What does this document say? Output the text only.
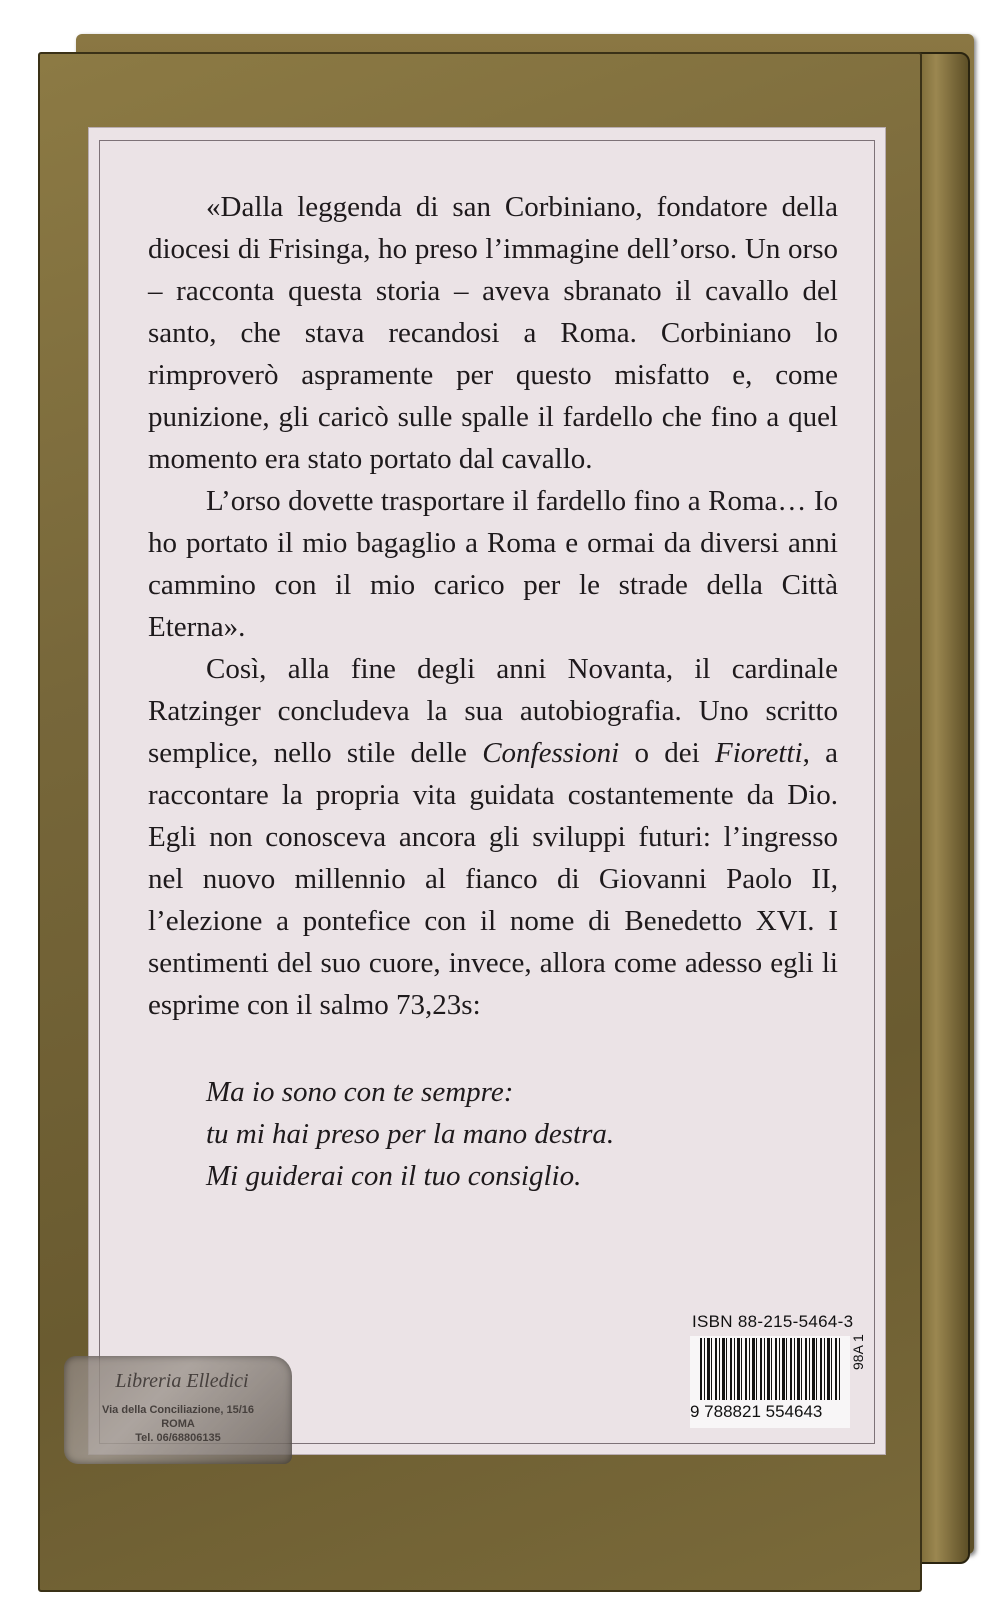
«Dalla leggenda di san Corbiniano, fondatore della diocesi di Frisinga, ho preso l’immagine dell’orso. Un orso – racconta questa storia – aveva sbranato il cavallo del santo, che stava recandosi a Roma. Corbiniano lo rimproverò aspramente per questo misfatto e, come punizione, gli caricò sulle spalle il fardello che fino a quel momento era stato portato dal cavallo.

L’orso dovette trasportare il fardello fino a Roma… Io ho portato il mio bagaglio a Roma e ormai da diversi anni cammino con il mio carico per le strade della Città Eterna».

Così, alla fine degli anni Novanta, il cardinale Ratzinger concludeva la sua autobiografia. Uno scritto semplice, nello stile delle Confessioni o dei Fioretti, a raccontare la propria vita guidata costantemente da Dio. Egli non conosceva ancora gli sviluppi futuri: l’ingresso nel nuovo millennio al fianco di Giovanni Paolo II, l’elezione a pontefice con il nome di Benedetto XVI. I sentimenti del suo cuore, invece, allora come adesso egli li esprime con il salmo 73,23s:

Ma io sono con te sempre:
tu mi hai preso per la mano destra.
Mi guiderai con il tuo consiglio.
ISBN 88-215-5464-3
9 788821 554643
98A 1
Libreria Elledici
Via della Conciliazione, 15/16
ROMA
Tel. 06/68806135
